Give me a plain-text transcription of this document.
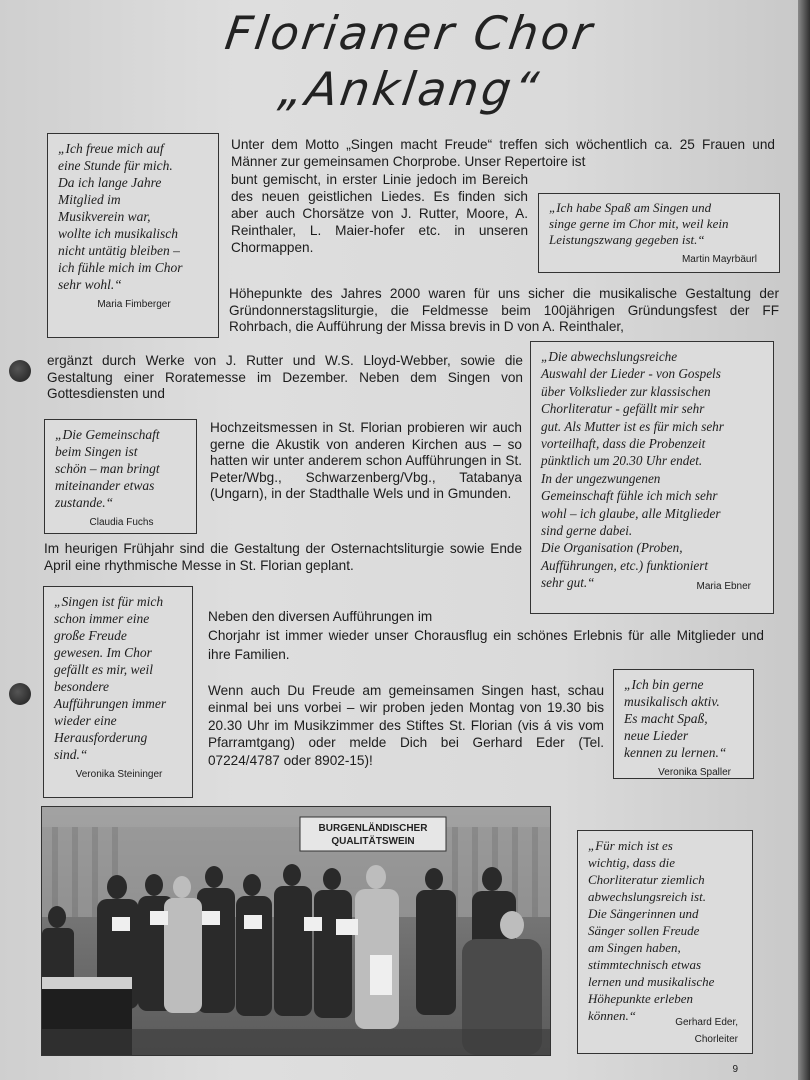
Florianer Chor
„Anklang“
„Ich freue mich auf
eine Stunde für mich.
Da ich lange Jahre
Mitglied im
Musikverein war,
wollte ich musikalisch
nicht untätig bleiben –
ich fühle mich im Chor
sehr wohl.“
Maria Fimberger
Unter dem Motto „Singen macht Freude“ treffen sich wöchentlich ca. 25 Frauen und Männer zur gemeinsamen Chorprobe. Unser Repertoire ist
bunt gemischt, in erster Linie jedoch im Bereich des neuen geistlichen Liedes. Es finden sich aber auch Chorsätze von J. Rutter, Moore, A. Reinthaler, L. Maier-hofer etc. in unseren Chormappen.
„Ich habe Spaß am Singen und
singe gerne im Chor mit, weil kein
Leistungszwang gegeben ist.“
Martin Mayrbäurl
Höhepunkte des Jahres 2000 waren für uns sicher die musikalische Gestaltung der Gründonnerstagsliturgie, die Feldmesse beim 100jährigen Gründungsfest der FF Rohrbach, die Aufführung der Missa brevis in D von A. Reinthaler,
ergänzt durch Werke von J. Rutter und W.S. Lloyd-Webber, sowie die Gestaltung einer Roratemesse im Dezember. Neben dem Singen von Gottesdiensten und
„Die abwechslungsreiche
Auswahl der Lieder - von Gospels
über Volkslieder zur klassischen
Chorliteratur - gefällt mir sehr
gut. Als Mutter ist es für mich sehr
vorteilhaft, dass die Probenzeit
pünktlich um 20.30 Uhr endet.
In der ungezwungenen
Gemeinschaft fühle ich mich sehr
wohl – ich glaube, alle Mitglieder
sind gerne dabei.
Die Organisation (Proben,
Aufführungen, etc.) funktioniert
sehr gut.“	Maria Ebner
„Die Gemeinschaft
beim Singen ist
schön – man bringt
miteinander etwas
zustande.“
Claudia Fuchs
Hochzeitsmessen in St. Florian probieren wir auch gerne die Akustik von anderen Kirchen aus – so hatten wir unter anderem schon Aufführungen in St. Peter/Wbg., Schwarzenberg/Vbg., Tatabanya (Ungarn), in der Stadthalle Wels und in Gmunden.
Im heurigen Frühjahr sind die Gestaltung der Osternachtsliturgie sowie Ende April eine rhythmische Messe in St. Florian geplant.
„Singen ist für mich
schon immer eine
große Freude
gewesen. Im Chor
gefällt es mir, weil
besondere
Aufführungen immer
wieder eine
Herausforderung
sind.“
Veronika Steininger
Neben den diversen Aufführungen im
Chorjahr ist immer wieder unser Chorausflug ein schönes Erlebnis für alle Mitglieder und ihre Familien.
Wenn auch Du Freude am gemeinsamen Singen hast, schau einmal bei uns vorbei – wir proben jeden Montag von 19.30 bis 20.30 Uhr im Musikzimmer des Stiftes St. Florian (vis á vis vom Pfarramtgang) oder melde Dich bei Gerhard Eder (Tel. 07224/4787 oder 8902-15)!
„Ich bin gerne
musikalisch aktiv.
Es macht Spaß,
neue Lieder
kennen zu lernen.“
Veronika Spaller
BURGENLÄNDISCHER
QUALITÄTSWEIN	„Für mich ist es
wichtig, dass die
Chorliteratur ziemlich
abwechslungsreich ist.
Die Sängerinnen und
Sänger sollen Freude
am Singen haben,
stimmtechnisch etwas
lernen und musikalische
Höhepunkte erleben
können.“	Gerhard Eder,
Chorleiter
9
